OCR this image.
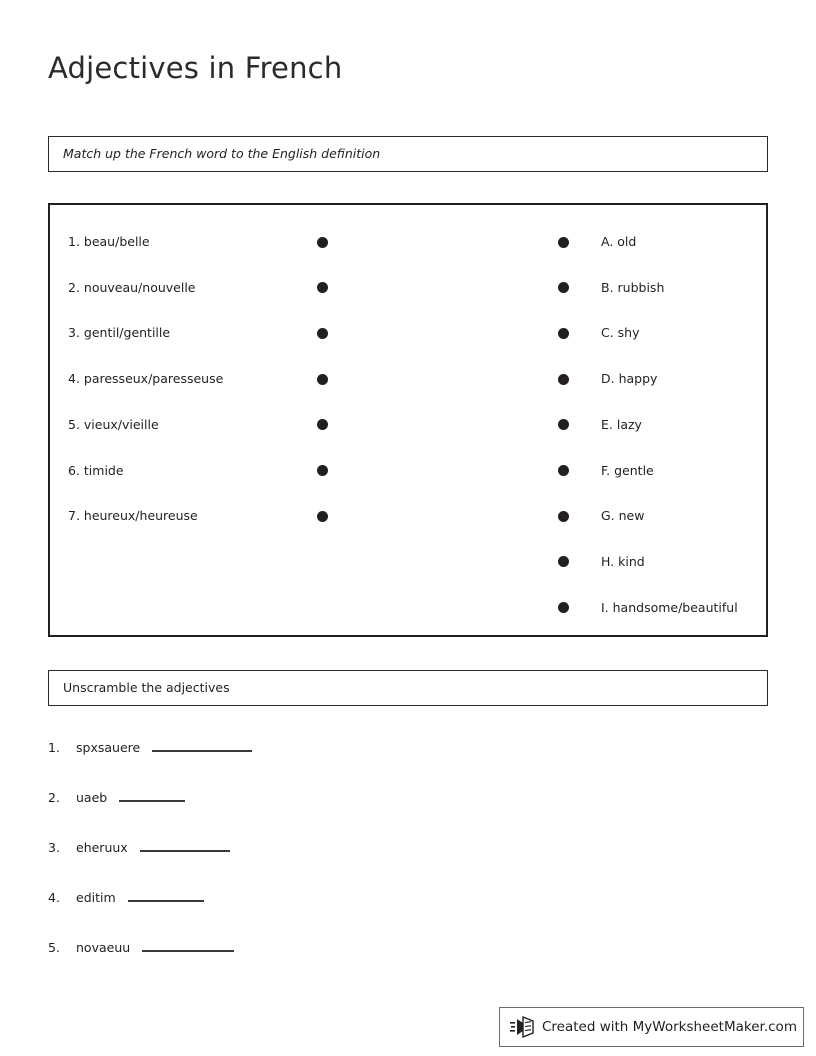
Adjectives in French
Match up the French word to the English definition
1. beau/belle
2. nouveau/nouvelle
3. gentil/gentille
4. paresseux/paresseuse
5. vieux/vieille
6. timide
7. heureux/heureuse
A. old
B. rubbish
C. shy
D. happy
E. lazy
F. gentle
G. new
H. kind
I. handsome/beautiful
Unscramble the adjectives
1.	spxsauere
2.	uaeb
3.	eheruux
4.	editim
5.	novaeuu
Created with MyWorksheetMaker.com
